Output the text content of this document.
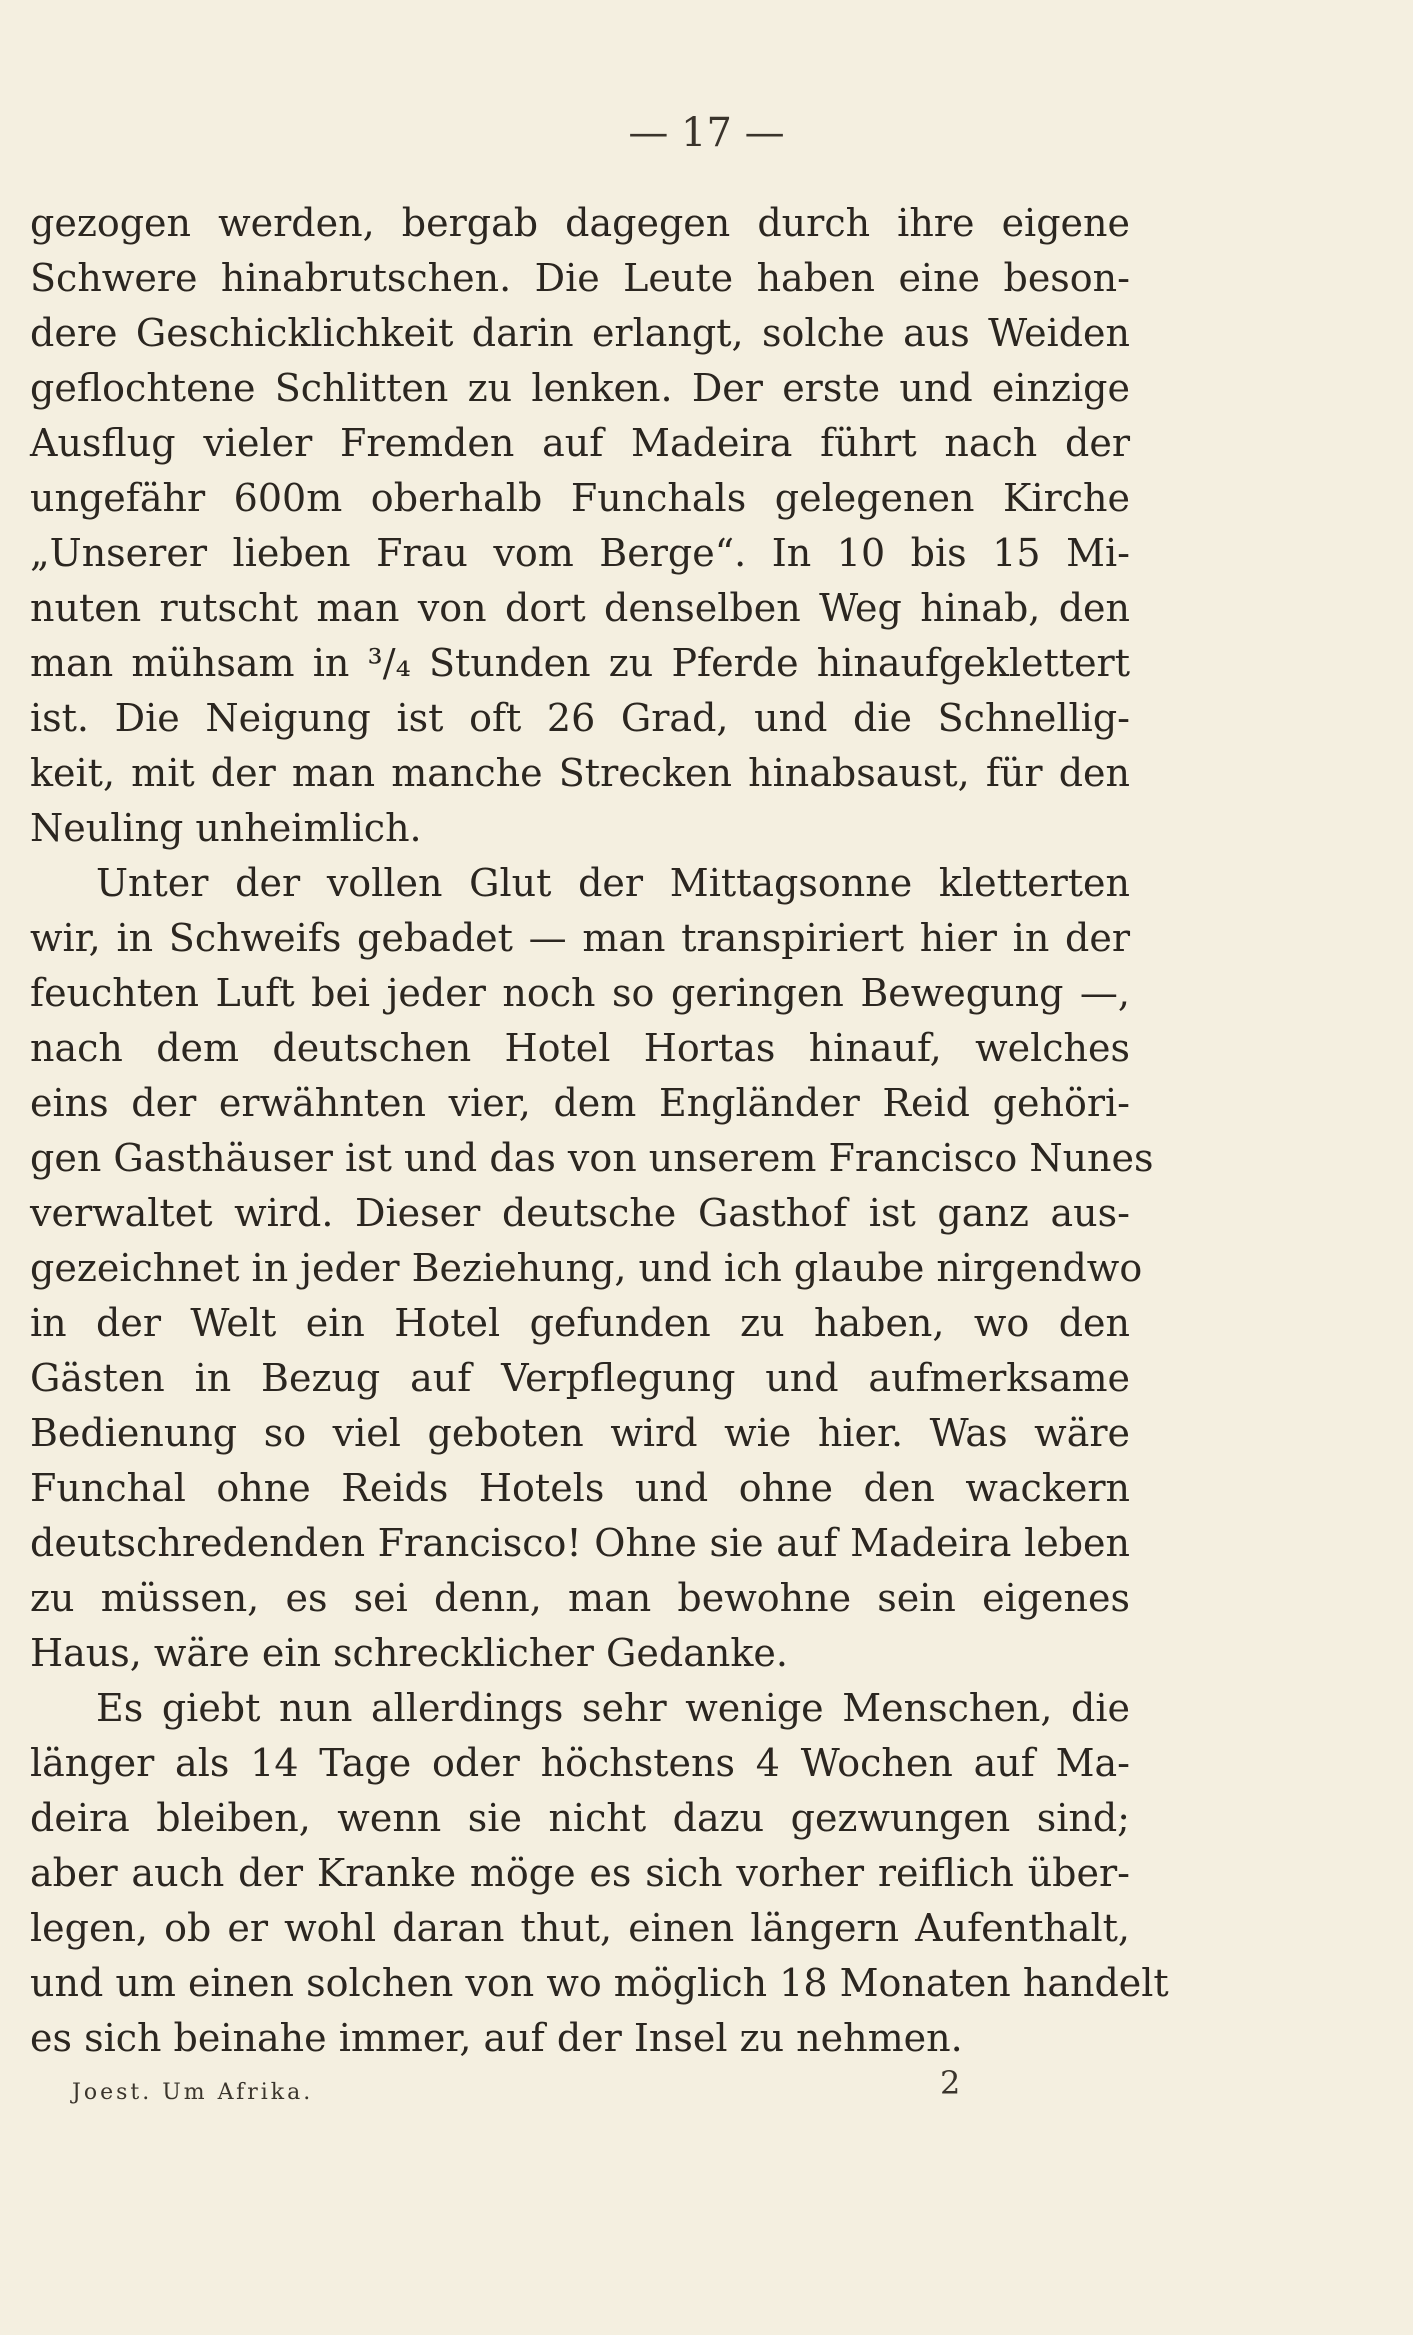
— 17 —
gezogen werden, bergab dagegen durch ihre eigene
Schwere hinabrutschen. Die Leute haben eine beson-
dere Geschicklichkeit darin erlangt, solche aus Weiden
geflochtene Schlitten zu lenken. Der erste und einzige
Ausflug vieler Fremden auf Madeira führt nach der
ungefähr 600m oberhalb Funchals gelegenen Kirche
„Unserer lieben Frau vom Berge“. In 10 bis 15 Mi-
nuten rutscht man von dort denselben Weg hinab, den
man mühsam in ³/₄ Stunden zu Pferde hinaufgeklettert
ist. Die Neigung ist oft 26 Grad, und die Schnellig-
keit, mit der man manche Strecken hinabsaust, für den
Neuling unheimlich.
Unter der vollen Glut der Mittagsonne kletterten
wir, in Schweifs gebadet — man transpiriert hier in der
feuchten Luft bei jeder noch so geringen Bewegung —,
nach dem deutschen Hotel Hortas hinauf, welches
eins der erwähnten vier, dem Engländer Reid gehöri-
gen Gasthäuser ist und das von unserem Francisco Nunes
verwaltet wird. Dieser deutsche Gasthof ist ganz aus-
gezeichnet in jeder Beziehung, und ich glaube nirgendwo
in der Welt ein Hotel gefunden zu haben, wo den
Gästen in Bezug auf Verpflegung und aufmerksame
Bedienung so viel geboten wird wie hier. Was wäre
Funchal ohne Reids Hotels und ohne den wackern
deutschredenden Francisco! Ohne sie auf Madeira leben
zu müssen, es sei denn, man bewohne sein eigenes
Haus, wäre ein schrecklicher Gedanke.
Es giebt nun allerdings sehr wenige Menschen, die
länger als 14 Tage oder höchstens 4 Wochen auf Ma-
deira bleiben, wenn sie nicht dazu gezwungen sind;
aber auch der Kranke möge es sich vorher reiflich über-
legen, ob er wohl daran thut, einen längern Aufenthalt,
und um einen solchen von wo möglich 18 Monaten handelt
es sich beinahe immer, auf der Insel zu nehmen.
Joest. Um Afrika.	2
